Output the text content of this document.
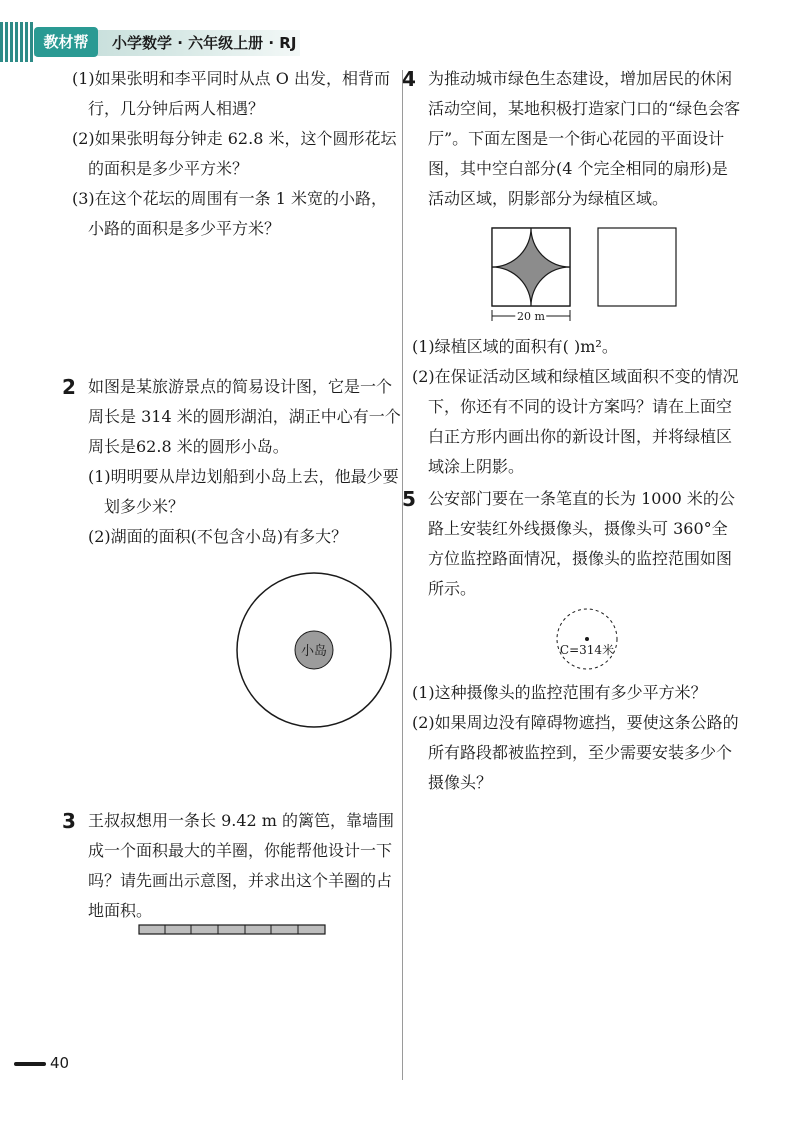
教材帮	小学数学 · 六年级上册 · RJ

(1)如果张明和李平同时从点 O 出发，相背而行，几分钟后两人相遇？

(2)如果张明每分钟走 62.8 米，这个圆形花坛的面积是多少平方米？

(3)在这个花坛的周围有一条 1 米宽的小路，小路的面积是多少平方米？

2 如图是某旅游景点的简易设计图，它是一个周长是 314 米的圆形湖泊，湖正中心有一个周长是62.8 米的圆形小岛。

(1)明明要从岸边划船到小岛上去，他最少要划多少米？

(2)湖面的面积(不包含小岛)有多大？

小岛
3 王叔叔想用一条长 9.42 m 的篱笆，靠墙围成一个面积最大的羊圈，你能帮他设计一下吗？请先画出示意图，并求出这个羊圈的占地面积。
4 为推动城市绿色生态建设，增加居民的休闲活动空间，某地积极打造家门口的“绿色会客厅”。下面左图是一个街心花园的平面设计图，其中空白部分(4 个完全相同的扇形)是活动区域，阴影部分为绿植区域。
20 m

(1)绿植区域的面积有( )m²。

(2)在保证活动区域和绿植区域面积不变的情况下，你还有不同的设计方案吗？请在上面空白正方形内画出你的新设计图，并将绿植区域涂上阴影。

5 公安部门要在一条笔直的长为 1000 米的公路上安装红外线摄像头，摄像头可 360°全方位监控路面情况，摄像头的监控范围如图所示。
C=314米

(1)这种摄像头的监控范围有多少平方米？

(2)如果周边没有障碍物遮挡，要使这条公路的所有路段都被监控到，至少需要安装多少个摄像头？

40
